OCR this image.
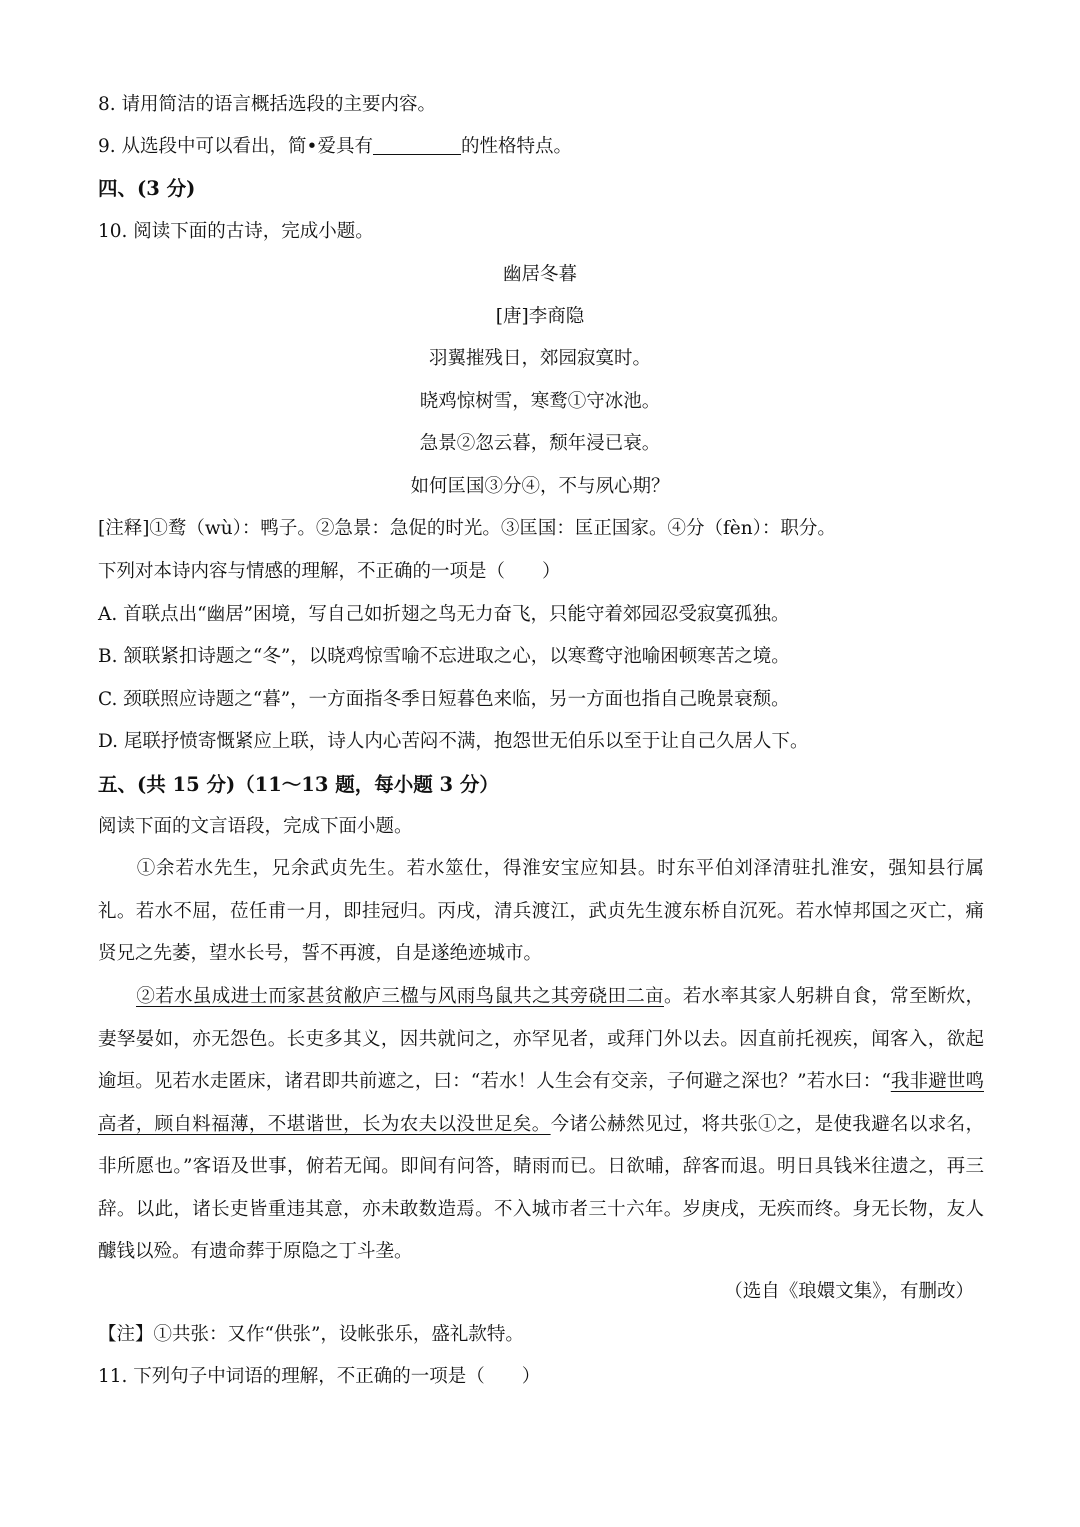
8. 请用简洁的语言概括选段的主要内容。
9. 从选段中可以看出，简•爱具有	的性格特点。
四、(3 分)
10. 阅读下面的古诗，完成小题。
幽居冬暮
[唐]李商隐
羽翼摧残日，郊园寂寞时。
晓鸡惊树雪，寒鹜①守冰池。
急景②忽云暮，颓年浸已衰。
如何匡国③分④，不与夙心期？
[注释]①鹜（wù）：鸭子。②急景：急促的时光。③匡国：匡正国家。④分（fèn）：职分。
下列对本诗内容与情感的理解，不正确的一项是（　　）
A. 首联点出“幽居”困境，写自己如折翅之鸟无力奋飞，只能守着郊园忍受寂寞孤独。
B. 颔联紧扣诗题之“冬”，以晓鸡惊雪喻不忘进取之心，以寒鹜守池喻困顿寒苦之境。
C. 颈联照应诗题之“暮”，一方面指冬季日短暮色来临，另一方面也指自己晚景衰颓。
D. 尾联抒愤寄慨紧应上联，诗人内心苦闷不满，抱怨世无伯乐以至于让自己久居人下。
五、(共 15 分)（11～13 题，每小题 3 分）
阅读下面的文言语段，完成下面小题。
①余若水先生，兄余武贞先生。若水筮仕，得淮安宝应知县。时东平伯刘泽清驻扎淮安，强知县行属礼。若水不屈，莅任甫一月，即挂冠归。丙戌，清兵渡江，武贞先生渡东桥自沉死。若水悼邦国之灭亡，痛贤兄之先萎，望水长号，誓不再渡，自是遂绝迹城市。
②若水虽成进士而家甚贫敝庐三楹与风雨鸟鼠共之其旁硗田二亩。若水率其家人躬耕自食，常至断炊，妻孥晏如，亦无怨色。长吏多其义，因共就问之，亦罕见者，或拜门外以去。因直前托视疾，闻客入，欲起逾垣。见若水走匿床，诸君即共前遮之，曰：“若水！人生会有交亲，子何避之深也？”若水曰：“我非避世鸣高者，顾自料福薄，不堪谐世，长为农夫以没世足矣。今诸公赫然见过，将共张①之，是使我避名以求名，非所愿也。”客语及世事，俯若无闻。即间有问答，睛雨而已。日欲晡，辞客而退。明日具钱米往遗之，再三辞。以此，诸长吏皆重违其意，亦未敢数造焉。不入城市者三十六年。岁庚戌，无疾而终。身无长物，友人醵钱以殓。有遗命葬于原隐之丁斗垄。
（选自《琅嬛文集》，有删改）
【注】①共张：又作“供张”，设帐张乐，盛礼款特。
11. 下列句子中词语的理解，不正确的一项是（　　）
